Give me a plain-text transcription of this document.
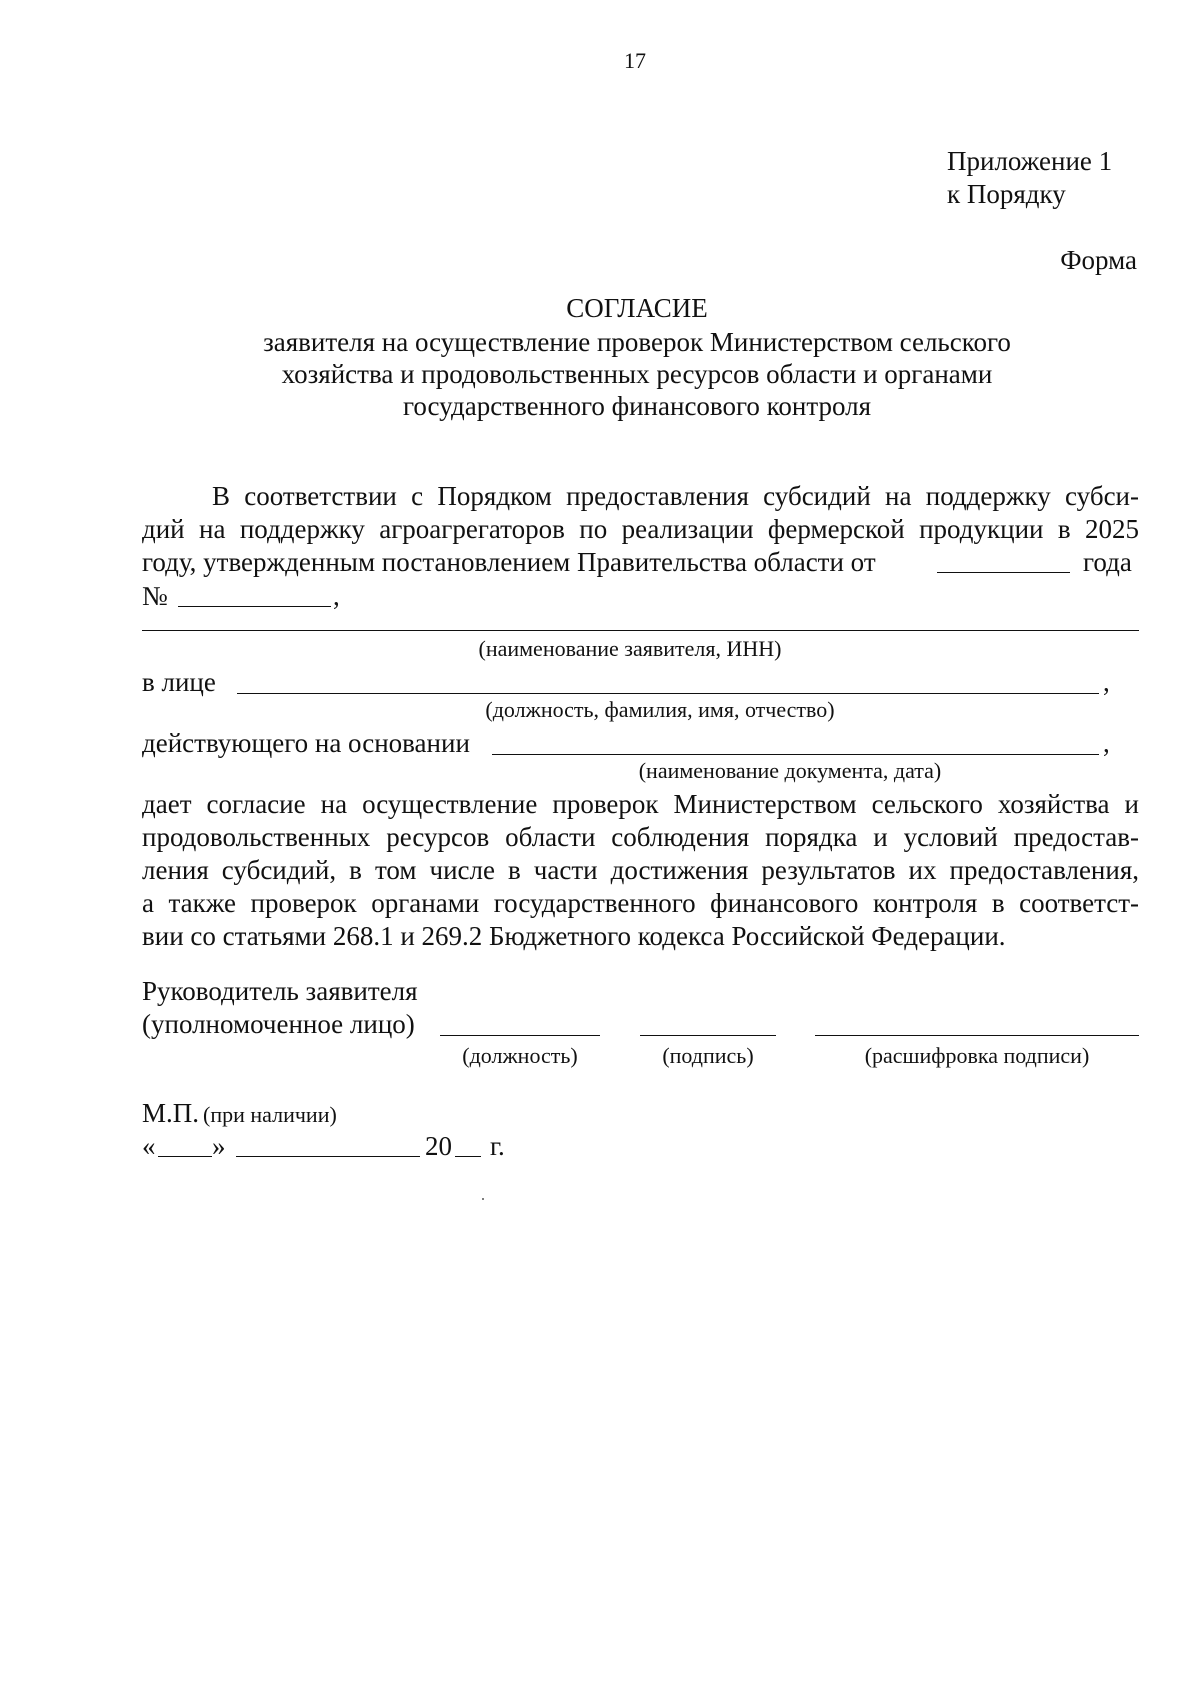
17
Приложение 1
к Порядку
Форма
СОГЛАСИЕ
заявителя на осуществление проверок Министерством сельского
хозяйства и продовольственных ресурсов области и органами
государственного финансового контроля
В соответствии с Порядком предоставления субсидий на поддержку субси-
дий на поддержку агроагрегаторов по реализации фермерской продукции в 2025
году, утвержденным постановлением Правительства области от	года
№	,
(наименование заявителя, ИНН)
в лице	,
(должность, фамилия, имя, отчество)
действующего на основании	,
(наименование документа, дата)
дает согласие на осуществление проверок Министерством сельского хозяйства и
продовольственных ресурсов области соблюдения порядка и условий предостав-
ления субсидий, в том числе в части достижения результатов их предоставления,
а также проверок органами государственного финансового контроля в соответст-
вии со статьями 268.1 и 269.2 Бюджетного кодекса Российской Федерации.
Руководитель заявителя
(уполномоченное лицо)
(должность)	(подпись)	(расшифровка подписи)
М.П. (при наличии)
« »	20 г.
